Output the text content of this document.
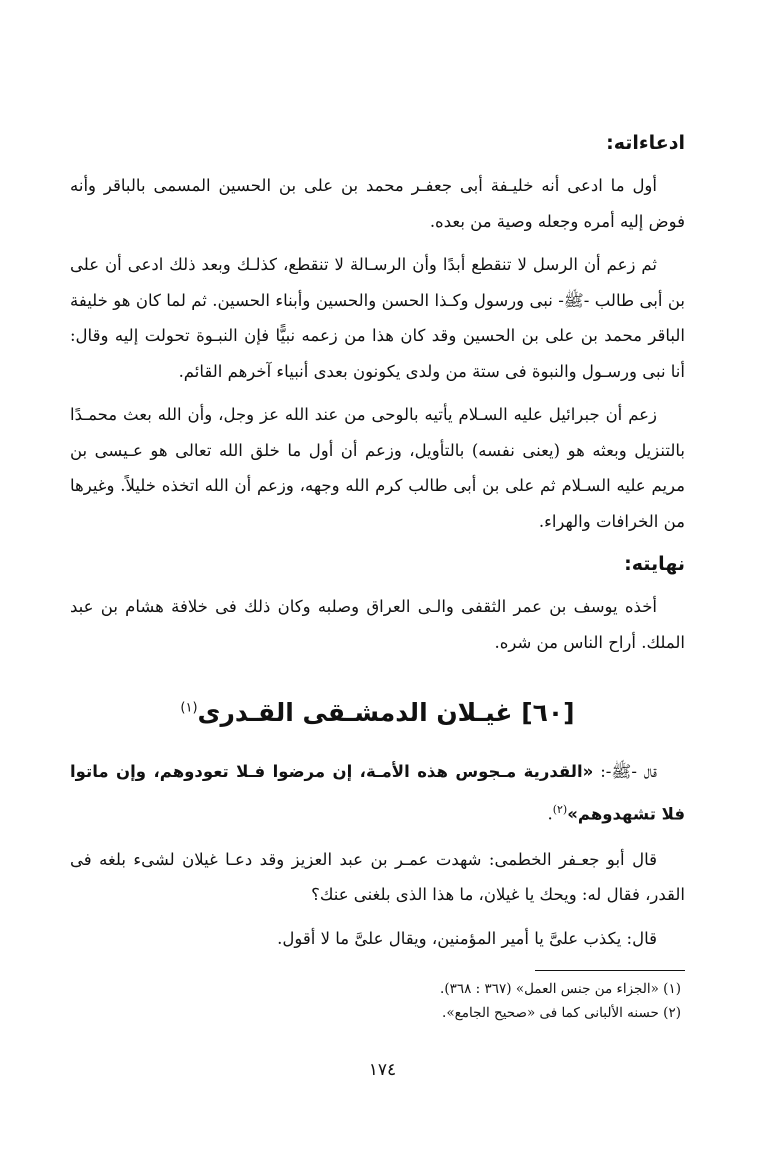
ادعاءاته:

أول ما ادعى أنه خليـفة أبى جعفـر محمد بن على بن الحسين المسمى بالباقر وأنه فوض إليه أمره وجعله وصية من بعده.

ثم زعم أن الرسل لا تنقطع أبدًا وأن الرسـالة لا تنقطع، كذلـك وبعد ذلك ادعى أن على بن أبى طالب -ﷺ- نبى ورسول وكـذا الحسن والحسين وأبناء الحسين. ثم لما كان هو خليفة الباقر محمد بن على بن الحسين وقد كان هذا من زعمه نبيًّا فإن النبـوة تحولت إليه وقال: أنا نبى ورسـول والنبوة فى ستة من ولدى يكونون بعدى أنبياء آخرهم القائم.

زعم أن جبرائيل عليه السـلام يأتيه بالوحى من عند الله عز وجل، وأن الله بعث محمـدًا بالتنزيل وبعثه هو (يعنى نفسه) بالتأويل، وزعم أن أول ما خلق الله تعالى هو عـيسى بن مريم عليه السـلام ثم على بن أبى طالب كرم الله وجهه، وزعم أن الله اتخذه خليلاً. وغيرها من الخرافات والهراء.

نهايته:

أخذه يوسف بن عمر الثقفى والـى العراق وصلبه وكان ذلك فى خلافة هشام بن عبد الملك. أراح الناس من شره.

[٦٠] غيـلان الدمشـقى القـدرى$^{(١)}$

قال -ﷺ-: «القدرية مـجوس هذه الأمـة، إن مرضوا فـلا تعودوهم، وإن ماتوا فلا تشهدوهم»$^{(٢)}$.

قال أبو جعـفر الخطمى: شهدت عمـر بن عبد العزيز وقد دعـا غيلان لشىء بلغه فى القدر، فقال له: ويحك يا غيلان، ما هذا الذى بلغنى عنك؟

قال: يكذب علىَّ يا أمير المؤمنين، ويقال علىَّ ما لا أقول.

(١) «الجزاء من جنس العمل» (٣٦٧ : ٣٦٨).

(٢) حسنه الألبانى كما فى «صحيح الجامع».

١٧٤
